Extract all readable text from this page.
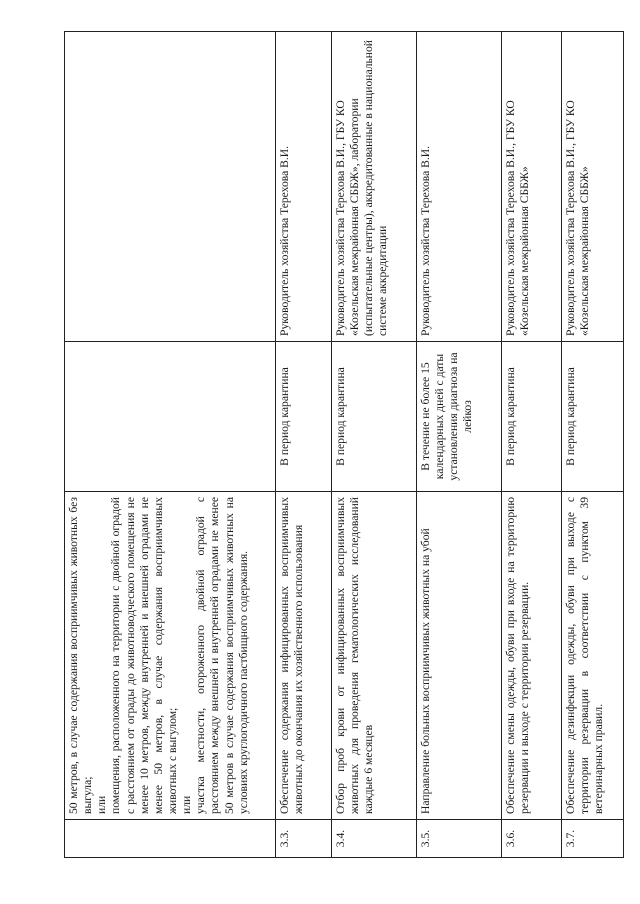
	50 метров, в случае содержания восприимчивых животных без выгула; или помещения, расположенного на территории с двойной оградой с расстоянием от ограды до животноводческого помещения не менее 10 метров, между внутренней и внешней оградами не менее 50 метров, в случае содержания восприимчивых животных с выгулом; или участка местности, огороженного двойной оградой с расстоянием между внешней и внутренней оградами не менее 50 метров в случае содержания восприимчивых животных на условиях круглогодичного пастбищного содержания.		

3.3.	Обеспечение содержания инфицированных восприимчивых животных до окончания их хозяйственного использования	В период карантина	Руководитель хозяйства Терехова В.И.
3.4.	Отбор проб крови от инфицированных восприимчивых животных для проведения гематологических исследований каждые 6 месяцев	В период карантина	Руководитель хозяйства Терехова В.И., ГБУ КО «Козельская межрайонная СББЖ», лаборатории (испытательные центры), аккредитованные в национальной системе аккредитации
3.5.	Направление больных восприимчивых животных на убой	В течение не более 15 календарных дней с даты установления диагноза на лейкоз	Руководитель хозяйства Терехова В.И.
3.6.	Обеспечение смены одежды, обуви при входе на территорию резервации и выходе с территории резервации.	В период карантина	Руководитель хозяйства Терехова В.И., ГБУ КО «Козельская межрайонная СББЖ»
3.7.	Обеспечение дезинфекции одежды, обуви при выходе с территории резервации в соответствии с пунктом 39 ветеринарных правил.	В период карантина	Руководитель хозяйства Терехова В.И., ГБУ КО «Козельская межрайонная СББЖ»
